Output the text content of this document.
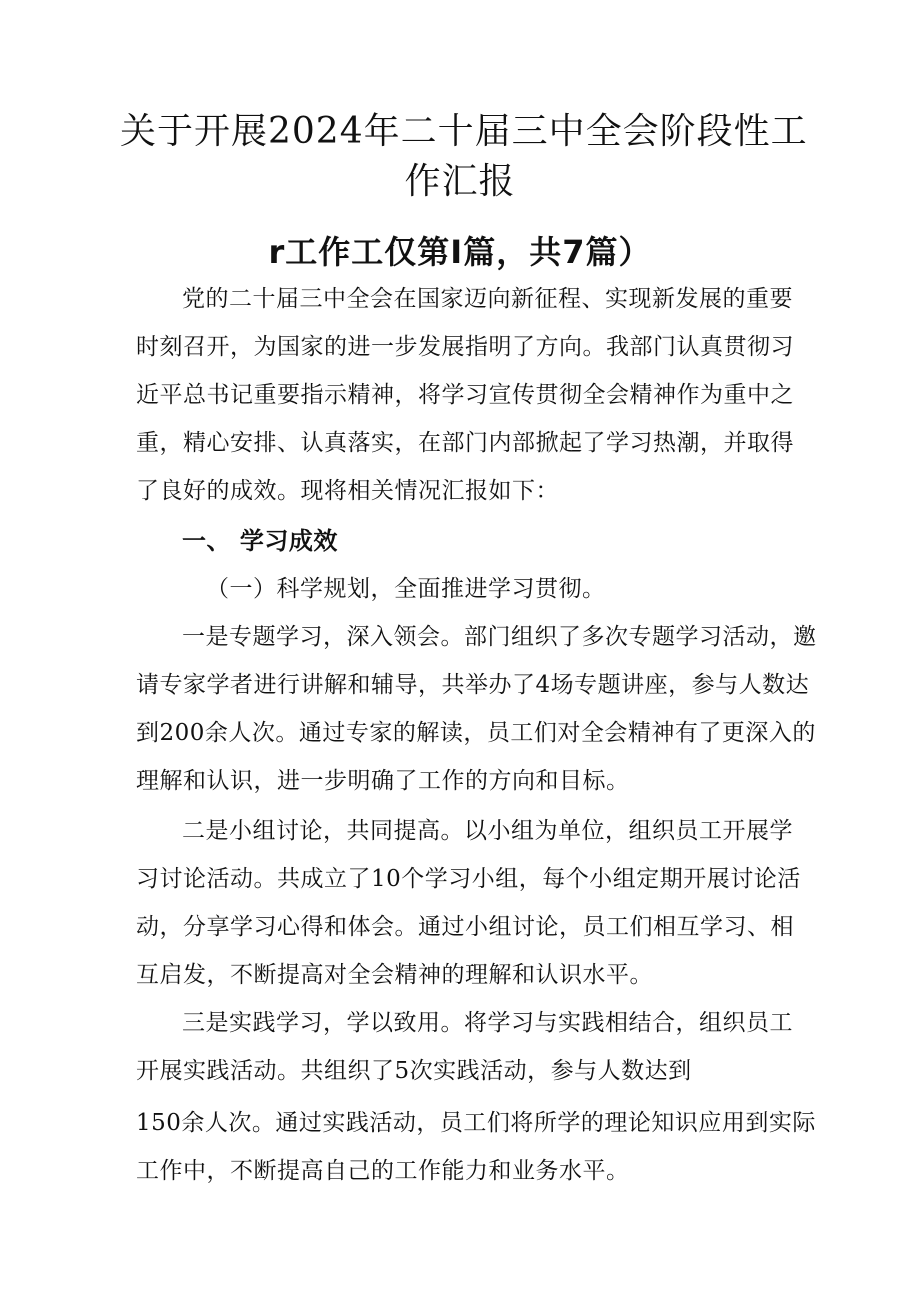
关于开展2024年二十届三中全会阶段性工
作汇报
r工作工仅第I篇，共7篇）
党的二十届三中全会在国家迈向新征程、实现新发展的重要
时刻召开，为国家的进一步发展指明了方向。我部门认真贯彻习
近平总书记重要指示精神，将学习宣传贯彻全会精神作为重中之
重，精心安排、认真落实，在部门内部掀起了学习热潮，并取得
了良好的成效。现将相关情况汇报如下：
一、 学习成效
（一）科学规划，全面推进学习贯彻。
一是专题学习，深入领会。部门组织了多次专题学习活动，邀
请专家学者进行讲解和辅导，共举办了4场专题讲座，参与人数达
到200余人次。通过专家的解读，员工们对全会精神有了更深入的
理解和认识，进一步明确了工作的方向和目标。
二是小组讨论，共同提高。以小组为单位，组织员工开展学
习讨论活动。共成立了10个学习小组，每个小组定期开展讨论活
动，分享学习心得和体会。通过小组讨论，员工们相互学习、相
互启发，不断提高对全会精神的理解和认识水平。
三是实践学习，学以致用。将学习与实践相结合，组织员工
开展实践活动。共组织了5次实践活动，参与人数达到
150余人次。通过实践活动，员工们将所学的理论知识应用到实际
工作中，不断提高自己的工作能力和业务水平。
